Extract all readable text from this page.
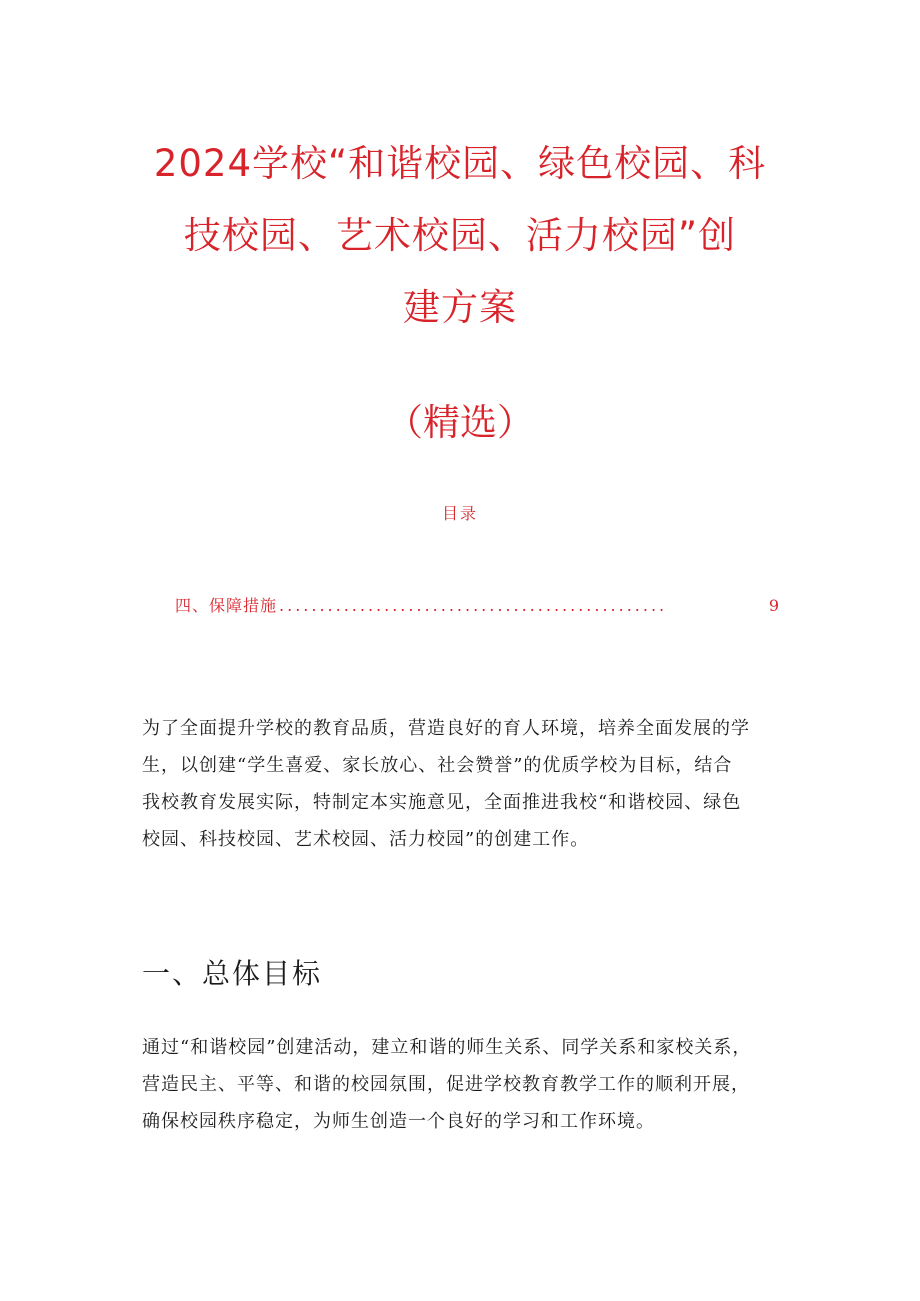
2024学校“和谐校园、绿色校园、科
技校园、艺术校园、活力校园”创
建方案
（精选）
目录
四、保障措施 ................................................	9

为了全面提升学校的教育品质，营造良好的育人环境，培养全面发展的学
生，以创建“学生喜爱、家长放心、社会赞誉”的优质学校为目标，结合
我校教育发展实际，特制定本实施意见，全面推进我校“和谐校园、绿色
校园、科技校园、艺术校园、活力校园”的创建工作。

一、总体目标

通过“和谐校园”创建活动，建立和谐的师生关系、同学关系和家校关系，
营造民主、平等、和谐的校园氛围，促进学校教育教学工作的顺利开展，
确保校园秩序稳定，为师生创造一个良好的学习和工作环境。
